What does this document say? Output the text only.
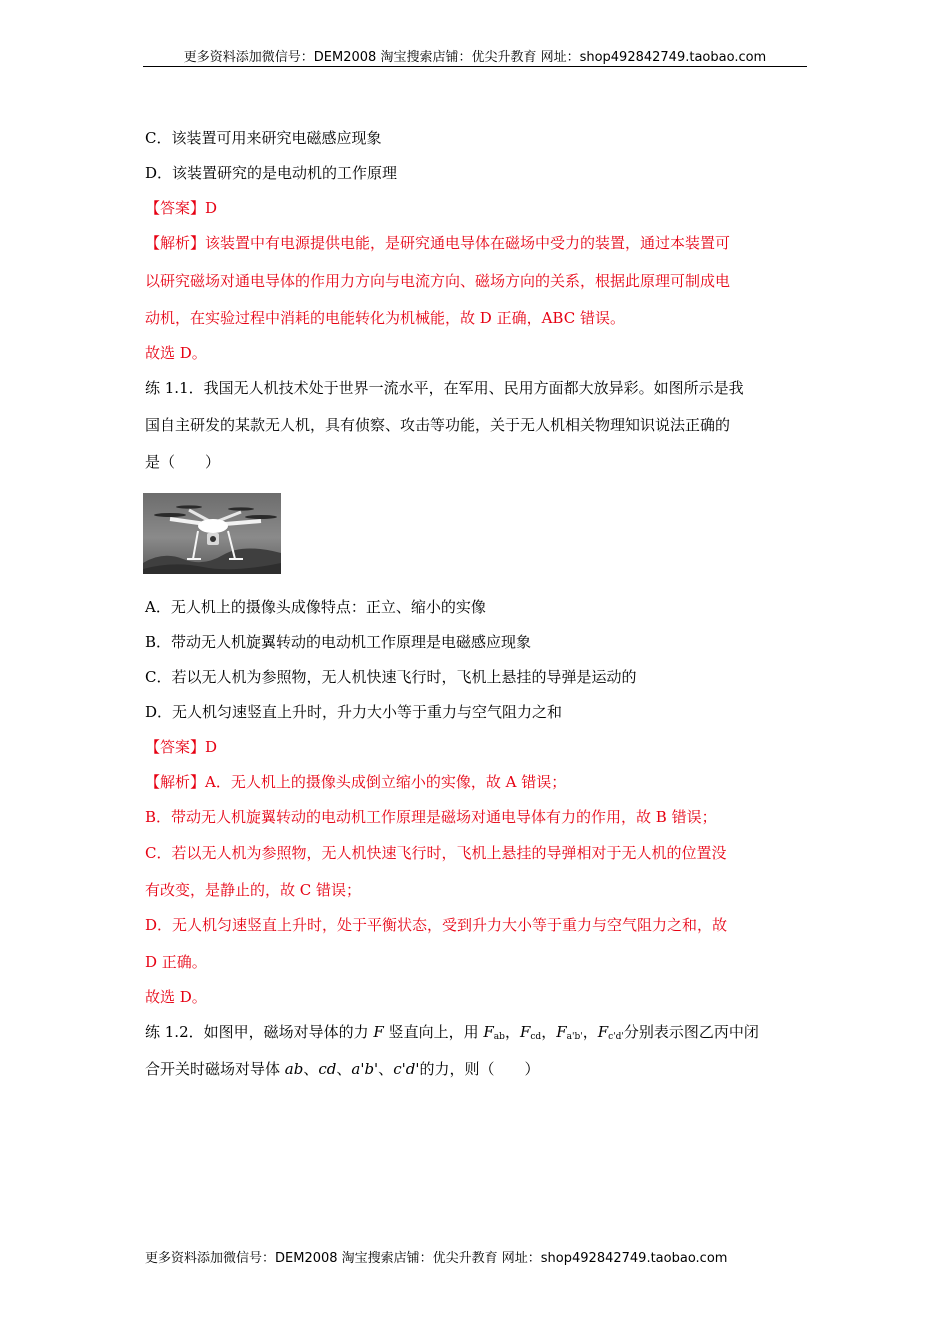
更多资料添加微信号：DEM2008 淘宝搜索店铺：优尖升教育 网址：shop492842749.taobao.com
C．该装置可用来研究电磁感应现象
D．该装置研究的是电动机的工作原理
【答案】D
【解析】该装置中有电源提供电能，是研究通电导体在磁场中受力的装置，通过本装置可
以研究磁场对通电导体的作用力方向与电流方向、磁场方向的关系，根据此原理可制成电
动机，在实验过程中消耗的电能转化为机械能，故 D 正确，ABC 错误。
故选 D。
练 1.1．我国无人机技术处于世界一流水平，在军用、民用方面都大放异彩。如图所示是我
国自主研发的某款无人机，具有侦察、攻击等功能，关于无人机相关物理知识说法正确的
是（　　）
A．无人机上的摄像头成像特点：正立、缩小的实像
B．带动无人机旋翼转动的电动机工作原理是电磁感应现象
C．若以无人机为参照物，无人机快速飞行时，飞机上悬挂的导弹是运动的
D．无人机匀速竖直上升时，升力大小等于重力与空气阻力之和
【答案】D
【解析】A．无人机上的摄像头成倒立缩小的实像，故 A 错误；
B．带动无人机旋翼转动的电动机工作原理是磁场对通电导体有力的作用，故 B 错误；
C．若以无人机为参照物，无人机快速飞行时，飞机上悬挂的导弹相对于无人机的位置没
有改变，是静止的，故 C 错误；
D．无人机匀速竖直上升时，处于平衡状态，受到升力大小等于重力与空气阻力之和，故
D 正确。
故选 D。
练 1.2．如图甲，磁场对导体的力 F 竖直向上，用 $F_{ab}$，$F_{cd}$，$F_{a'b'}$，$F_{c'd'}$分别表示图乙丙中闭
合开关时磁场对导体 ab、cd、a'b'、c'd'的力，则（　　）
更多资料添加微信号：DEM2008 淘宝搜索店铺：优尖升教育 网址：shop492842749.taobao.com
